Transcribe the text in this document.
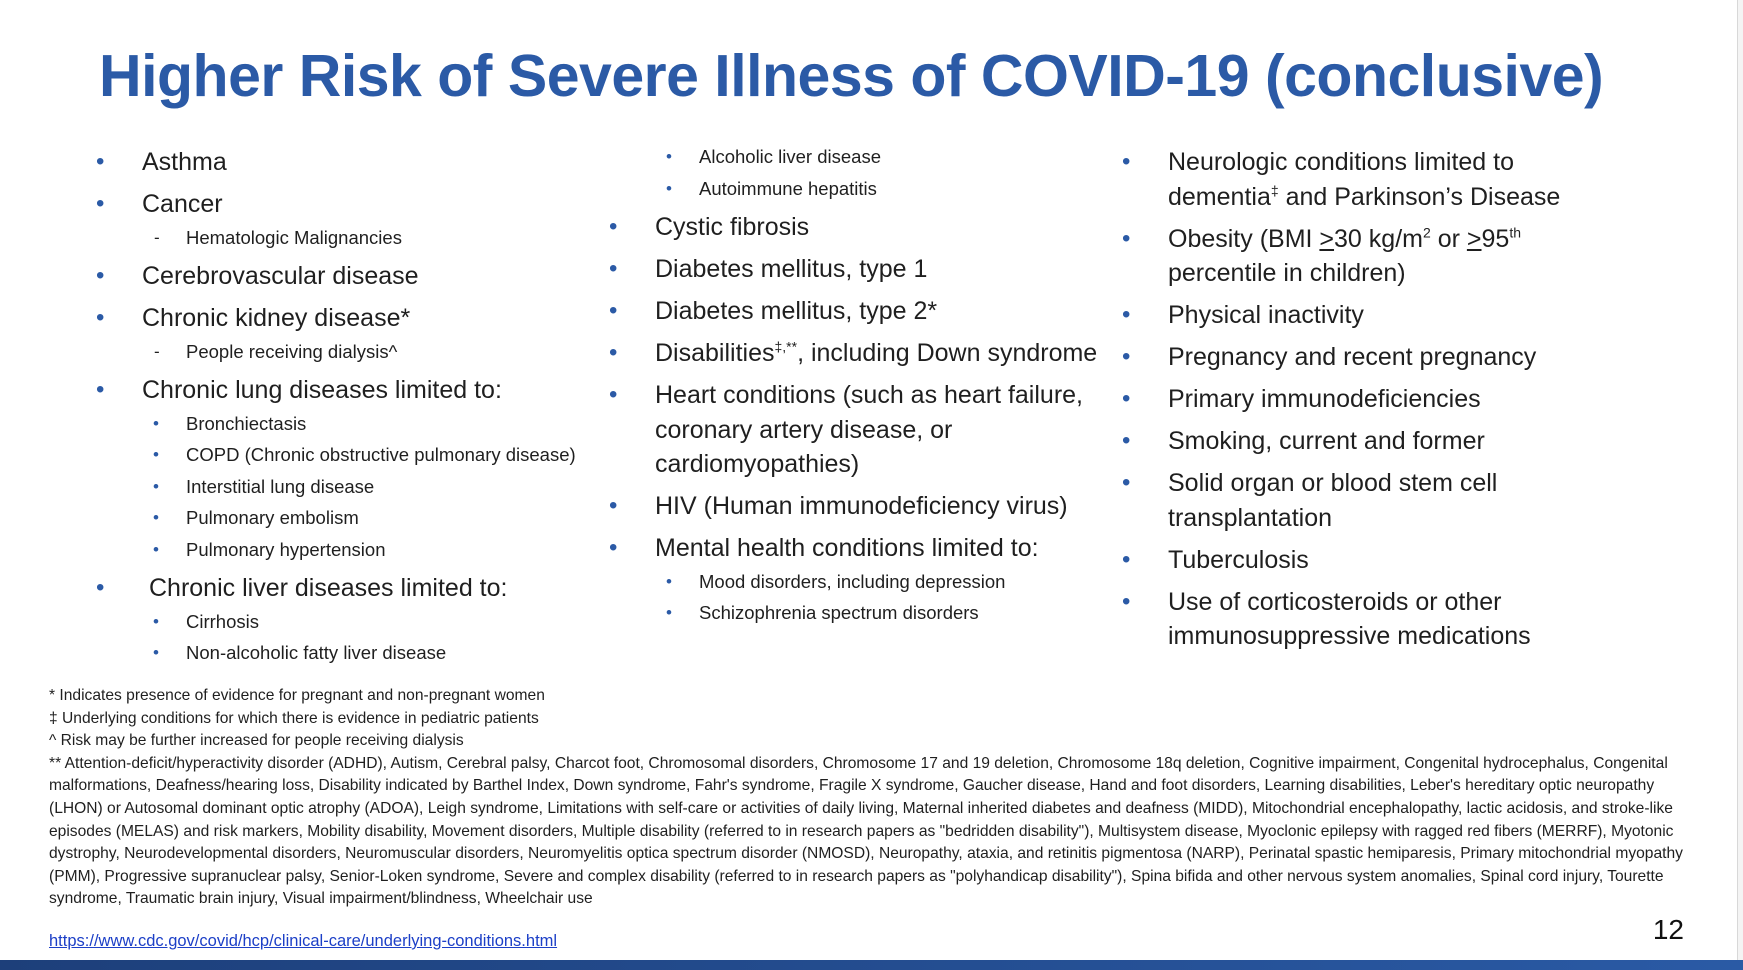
Higher Risk of Severe Illness of COVID-19 (conclusive)
• Asthma
• Cancer
- Hematologic Malignancies
• Cerebrovascular disease
• Chronic kidney disease*
- People receiving dialysis^
• Chronic lung diseases limited to:
• Bronchiectasis
• COPD (Chronic obstructive pulmonary disease)
• Interstitial lung disease
• Pulmonary embolism
• Pulmonary hypertension
• Chronic liver diseases limited to:
• Cirrhosis
• Non-alcoholic fatty liver disease
• Alcoholic liver disease
• Autoimmune hepatitis
• Cystic fibrosis
• Diabetes mellitus, type 1
• Diabetes mellitus, type 2*
• Disabilities‡,**, including Down syndrome
• Heart conditions (such as heart failure, coronary artery disease, or cardiomyopathies)
• HIV (Human immunodeficiency virus)
• Mental health conditions limited to:
• Mood disorders, including depression
• Schizophrenia spectrum disorders
• Neurologic conditions limited to dementia‡ and Parkinson’s Disease
• Obesity (BMI >30 $kg/m^2$ or >95th percentile in children)
• Physical inactivity
• Pregnancy and recent pregnancy
• Primary immunodeficiencies
• Smoking, current and former
• Solid organ or blood stem cell transplantation
• Tuberculosis
• Use of corticosteroids or other immunosuppressive medications

* Indicates presence of evidence for pregnant and non-pregnant women

‡ Underlying conditions for which there is evidence in pediatric patients

^ Risk may be further increased for people receiving dialysis

** Attention-deficit/hyperactivity disorder (ADHD), Autism, Cerebral palsy, Charcot foot, Chromosomal disorders, Chromosome 17 and 19 deletion, Chromosome 18q deletion, Cognitive impairment, Congenital hydrocephalus, Congenital malformations, Deafness/hearing loss, Disability indicated by Barthel Index, Down syndrome, Fahr's syndrome, Fragile X syndrome, Gaucher disease, Hand and foot disorders, Learning disabilities, Leber's hereditary optic neuropathy (LHON) or Autosomal dominant optic atrophy (ADOA), Leigh syndrome, Limitations with self-care or activities of daily living, Maternal inherited diabetes and deafness (MIDD), Mitochondrial encephalopathy, lactic acidosis, and stroke-like episodes (MELAS) and risk markers, Mobility disability, Movement disorders, Multiple disability (referred to in research papers as "bedridden disability"), Multisystem disease, Myoclonic epilepsy with ragged red fibers (MERRF), Myotonic dystrophy, Neurodevelopmental disorders, Neuromuscular disorders, Neuromyelitis optica spectrum disorder (NMOSD), Neuropathy, ataxia, and retinitis pigmentosa (NARP), Perinatal spastic hemiparesis, Primary mitochondrial myopathy (PMM), Progressive supranuclear palsy, Senior-Loken syndrome, Severe and complex disability (referred to in research papers as "polyhandicap disability"), Spina bifida and other nervous system anomalies, Spinal cord injury, Tourette syndrome, Traumatic brain injury, Visual impairment/blindness, Wheelchair use

https://www.cdc.gov/covid/hcp/clinical-care/underlying-conditions.html	12
